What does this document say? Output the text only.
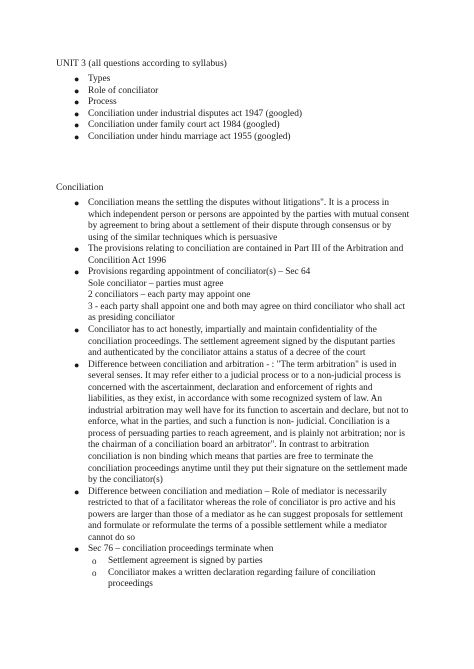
UNIT 3 (all questions according to syllabus)
● Types
● Role of conciliator
● Process
● Conciliation under industrial disputes act 1947 (googled)
● Conciliation under family court act 1984 (googled)
● Conciliation under hindu marriage act 1955 (googled)
Conciliation
● Conciliation means the settling the disputes without litigations". It is a process in
which independent person or persons are appointed by the parties with mutual consent
by agreement to bring about a settlement of their dispute through consensus or by
using of the similar techniques which is persuasive
● The provisions relating to conciliation are contained in Part III of the Arbitration and
Concilition Act 1996
● Provisions regarding appointment of conciliator(s) – Sec 64
Sole conciliator – parties must agree
2 conciliators – each party may appoint one
3 - each party shall appoint one and both may agree on third conciliator who shall act
as presiding conciliator
● Conciliator has to act honestly, impartially and maintain confidentiality of the
conciliation proceedings. The settlement agreement signed by the disputant parties
and authenticated by the conciliator attains a status of a decree of the court
● Difference between conciliation and arbitration - : "The term arbitration" is used in
several senses. It may refer either to a judicial process or to a non-judicial process is
concerned with the ascertainment, declaration and enforcement of rights and
liabilities, as they exist, in accordance with some recognized system of law. An
industrial arbitration may well have for its function to ascertain and declare, but not to
enforce, what in the parties, and such a function is non- judicial. Conciliation is a
process of persuading parties to reach agreement, and is plainly not arbitration; nor is
the chairman of a conciliation board an arbitrator". In contrast to arbitration
conciliation is non binding which means that parties are free to terminate the
conciliation proceedings anytime until they put their signature on the settlement made
by the conciliator(s)
● Difference between conciliation and mediation – Role of mediator is necessarily
restricted to that of a facilitator whereas the role of conciliator is pro active and his
powers are larger than those of a mediator as he can suggest proposals for settlement
and formulate or reformulate the terms of a possible settlement while a mediator
cannot do so
● Sec 76 – conciliation proceedings terminate when
o Settlement agreement is signed by parties
o Conciliator makes a written declaration regarding failure of conciliation
proceedings
